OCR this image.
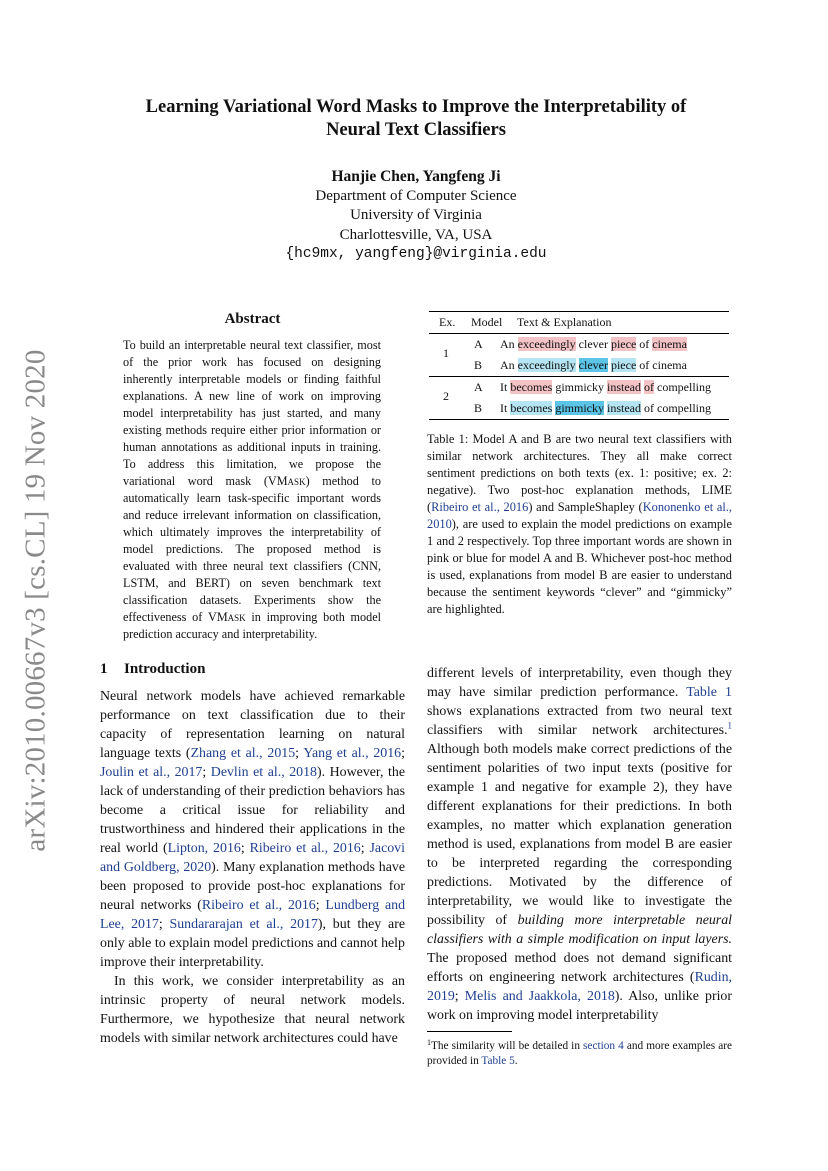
arXiv:2010.00667v3 [cs.CL] 19 Nov 2020
Learning Variational Word Masks to Improve the Interpretability of
Neural Text Classifiers
Hanjie Chen, Yangfeng Ji
Department of Computer Science
University of Virginia
Charlottesville, VA, USA
{hc9mx, yangfeng}@virginia.edu
Abstract
To build an interpretable neural text classifier, most of the prior work has focused on designing inherently interpretable models or finding faithful explanations. A new line of work on improving model interpretability has just started, and many existing methods require either prior information or human annotations as additional inputs in training. To address this limitation, we propose the variational word mask (VMask) method to automatically learn task-specific important words and reduce irrelevant information on classification, which ultimately improves the interpretability of model predictions. The proposed method is evaluated with three neural text classifiers (CNN, LSTM, and BERT) on seven benchmark text classification datasets. Experiments show the effectiveness of VMask in improving both model prediction accuracy and interpretability.
Ex. Model Text & Explanation
1
A An exceedingly clever piece of cinema
B An exceedingly clever piece of cinema
2
A It becomes gimmicky instead of compelling
B It becomes gimmicky instead of compelling
Table 1: Model A and B are two neural text classifiers with similar network architectures. They all make correct sentiment predictions on both texts (ex. 1: positive; ex. 2: negative). Two post-hoc explanation methods, LIME (Ribeiro et al., 2016) and SampleShapley (Kononenko et al., 2010), are used to explain the model predictions on example 1 and 2 respectively. Top three important words are shown in pink or blue for model A and B. Whichever post-hoc method is used, explanations from model B are easier to understand because the sentiment keywords “clever” and “gimmicky” are highlighted.
1 Introduction

Neural network models have achieved remarkable performance on text classification due to their capacity of representation learning on natural language texts (Zhang et al., 2015; Yang et al., 2016; Joulin et al., 2017; Devlin et al., 2018). However, the lack of understanding of their prediction behaviors has become a critical issue for reliability and trustworthiness and hindered their applications in the real world (Lipton, 2016; Ribeiro et al., 2016; Jacovi and Goldberg, 2020). Many explanation methods have been proposed to provide post-hoc explanations for neural networks (Ribeiro et al., 2016; Lundberg and Lee, 2017; Sundararajan et al., 2017), but they are only able to explain model predictions and cannot help improve their interpretability.

In this work, we consider interpretability as an intrinsic property of neural network models. Furthermore, we hypothesize that neural network models with similar network architectures could have

different levels of interpretability, even though they may have similar prediction performance. Table 1 shows explanations extracted from two neural text classifiers with similar network architectures.$^1$ Although both models make correct predictions of the sentiment polarities of two input texts (positive for example 1 and negative for example 2), they have different explanations for their predictions. In both examples, no matter which explanation generation method is used, explanations from model B are easier to be interpreted regarding the corresponding predictions. Motivated by the difference of interpretability, we would like to investigate the possibility of building more interpretable neural classifiers with a simple modification on input layers. The proposed method does not demand significant efforts on engineering network architectures (Rudin, 2019; Melis and Jaakkola, 2018). Also, unlike prior work on improving model interpretability

$^1$The similarity will be detailed in section 4 and more examples are provided in Table 5.
